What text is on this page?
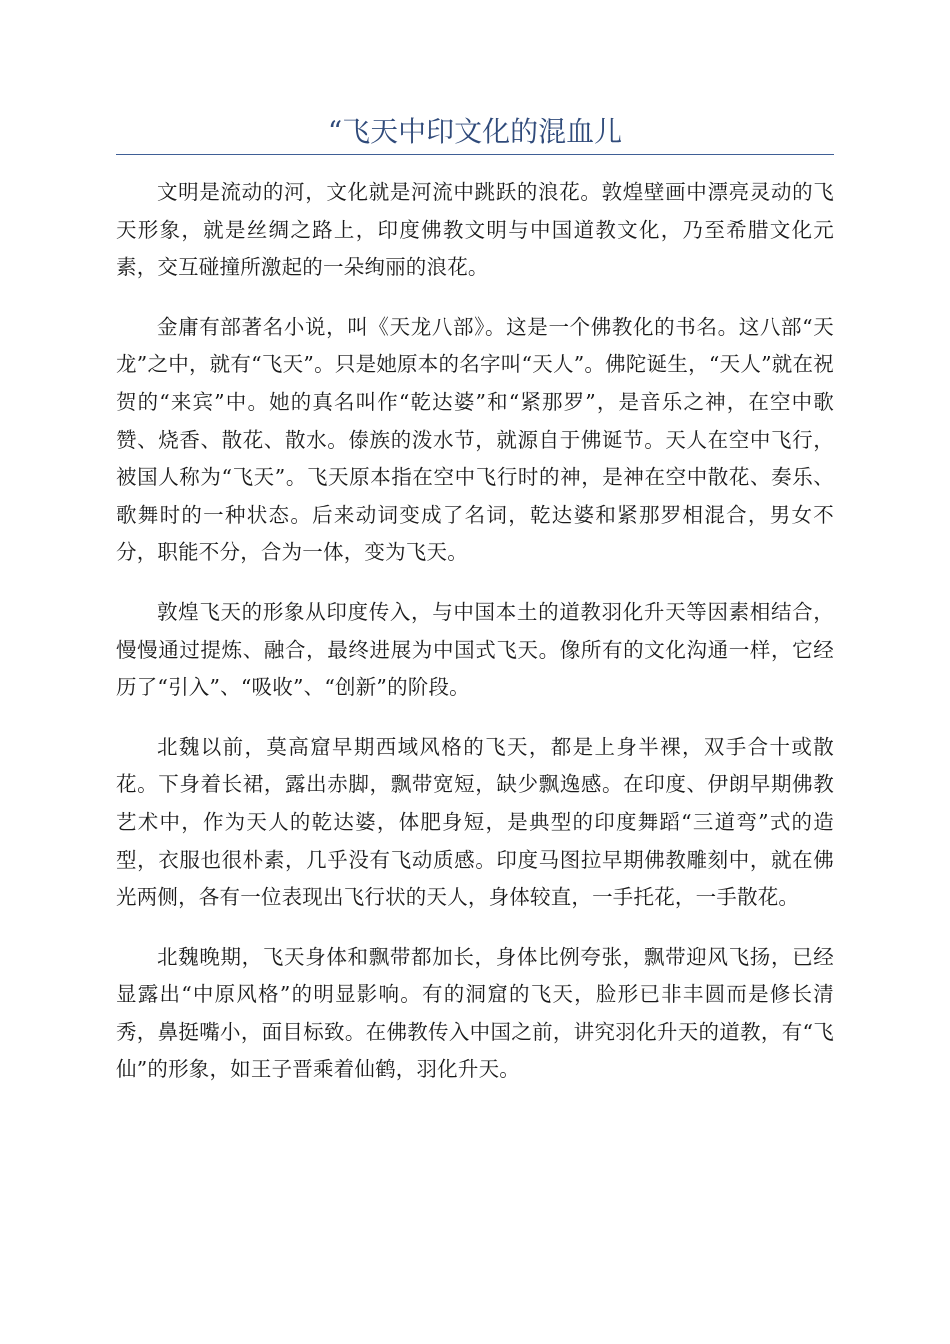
“飞天中印文化的混血儿

文明是流动的河，文化就是河流中跳跃的浪花。敦煌壁画中漂亮灵动的飞天形象，就是丝绸之路上，印度佛教文明与中国道教文化，乃至希腊文化元素，交互碰撞所激起的一朵绚丽的浪花。

金庸有部著名小说，叫《天龙八部》。这是一个佛教化的书名。这八部“天龙”之中，就有“飞天”。只是她原本的名字叫“天人”。佛陀诞生，“天人”就在祝贺的“来宾”中。她的真名叫作“乾达婆”和“紧那罗”，是音乐之神，在空中歌赞、烧香、散花、散水。傣族的泼水节，就源自于佛诞节。天人在空中飞行，被国人称为“飞天”。飞天原本指在空中飞行时的神，是神在空中散花、奏乐、歌舞时的一种状态。后来动词变成了名词，乾达婆和紧那罗相混合，男女不分，职能不分，合为一体，变为飞天。

敦煌飞天的形象从印度传入，与中国本土的道教羽化升天等因素相结合，慢慢通过提炼、融合，最终进展为中国式飞天。像所有的文化沟通一样，它经历了“引入”、“吸收”、“创新”的阶段。

北魏以前，莫高窟早期西域风格的飞天，都是上身半裸，双手合十或散花。下身着长裙，露出赤脚，飘带宽短，缺少飘逸感。在印度、伊朗早期佛教艺术中，作为天人的乾达婆，体肥身短，是典型的印度舞蹈“三道弯”式的造型，衣服也很朴素，几乎没有飞动质感。印度马图拉早期佛教雕刻中，就在佛光两侧，各有一位表现出飞行状的天人，身体较直，一手托花，一手散花。

北魏晚期，飞天身体和飘带都加长，身体比例夸张，飘带迎风飞扬，已经显露出“中原风格”的明显影响。有的洞窟的飞天，脸形已非丰圆而是修长清秀，鼻挺嘴小，面目标致。在佛教传入中国之前，讲究羽化升天的道教，有“飞仙”的形象，如王子晋乘着仙鹤，羽化升天。
